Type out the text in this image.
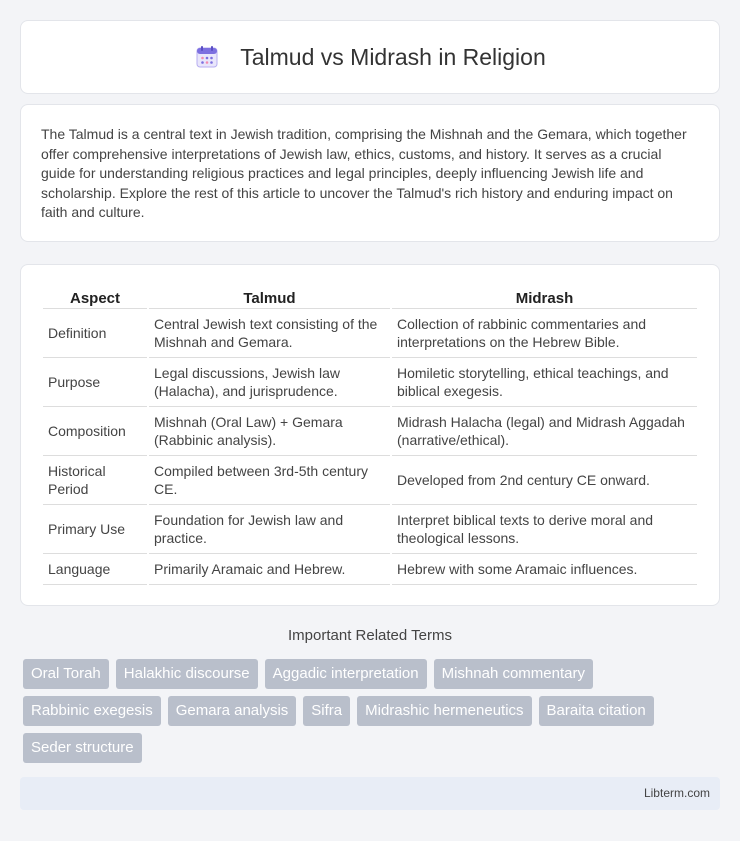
Talmud vs Midrash in Religion

The Talmud is a central text in Jewish tradition, comprising the Mishnah and the Gemara, which together offer comprehensive interpretations of Jewish law, ethics, customs, and history. It serves as a crucial guide for understanding religious practices and legal principles, deeply influencing Jewish life and scholarship. Explore the rest of this article to uncover the Talmud's rich history and enduring impact on faith and culture.

Aspect	Talmud	Midrash
Definition	Central Jewish text consisting of the Mishnah and Gemara.	Collection of rabbinic commentaries and interpretations on the Hebrew Bible.
Purpose	Legal discussions, Jewish law (Halacha), and jurisprudence.	Homiletic storytelling, ethical teachings, and biblical exegesis.
Composition	Mishnah (Oral Law) + Gemara (Rabbinic analysis).	Midrash Halacha (legal) and Midrash Aggadah (narrative/ethical).
Historical Period	Compiled between 3rd-5th century CE.	Developed from 2nd century CE onward.
Primary Use	Foundation for Jewish law and practice.	Interpret biblical texts to derive moral and theological lessons.
Language	Primarily Aramaic and Hebrew.	Hebrew with some Aramaic influences.
Important Related Terms
Oral Torah	Halakhic discourse	Aggadic interpretation	Mishnah commentary
Rabbinic exegesis	Gemara analysis	Sifra	Midrashic hermeneutics	Baraita citation
Seder structure
Libterm.com
